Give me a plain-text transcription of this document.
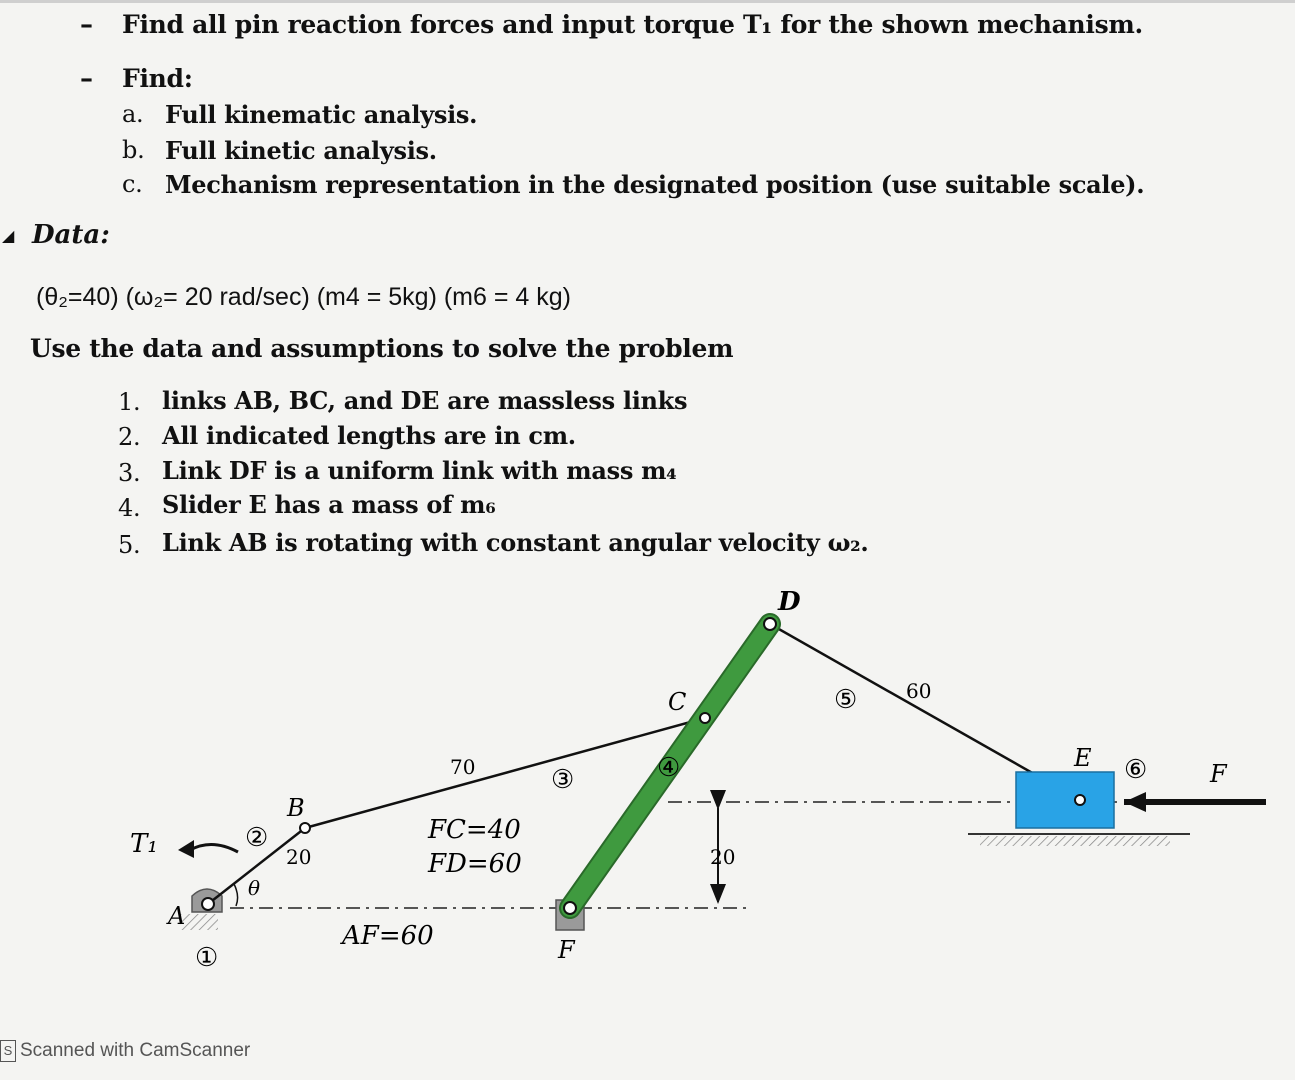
– Find all pin reaction forces and input torque T₁ for the shown mechanism.
– Find:
a. Full kinematic analysis.
b. Full kinetic analysis.
c. Mechanism representation in the designated position (use suitable scale).
◢ Data:
(θ₂=40) (ω₂= 20 rad/sec) (m4 = 5kg) (m6 = 4 kg)
Use the data and assumptions to solve the problem
1. links AB, BC, and DE are massless links
2. All indicated lengths are in cm.
3. Link DF is a uniform link with mass m₄
4. Slider E has a mass of m₆
5. Link AB is rotating with constant angular velocity ω₂.
T₁
A
B
C
D
E
F
F
θ
①
②
③	④
⑤
⑥
20
70
60
FC=40
FD=60
AF=60
20
S Scanned with CamScanner
